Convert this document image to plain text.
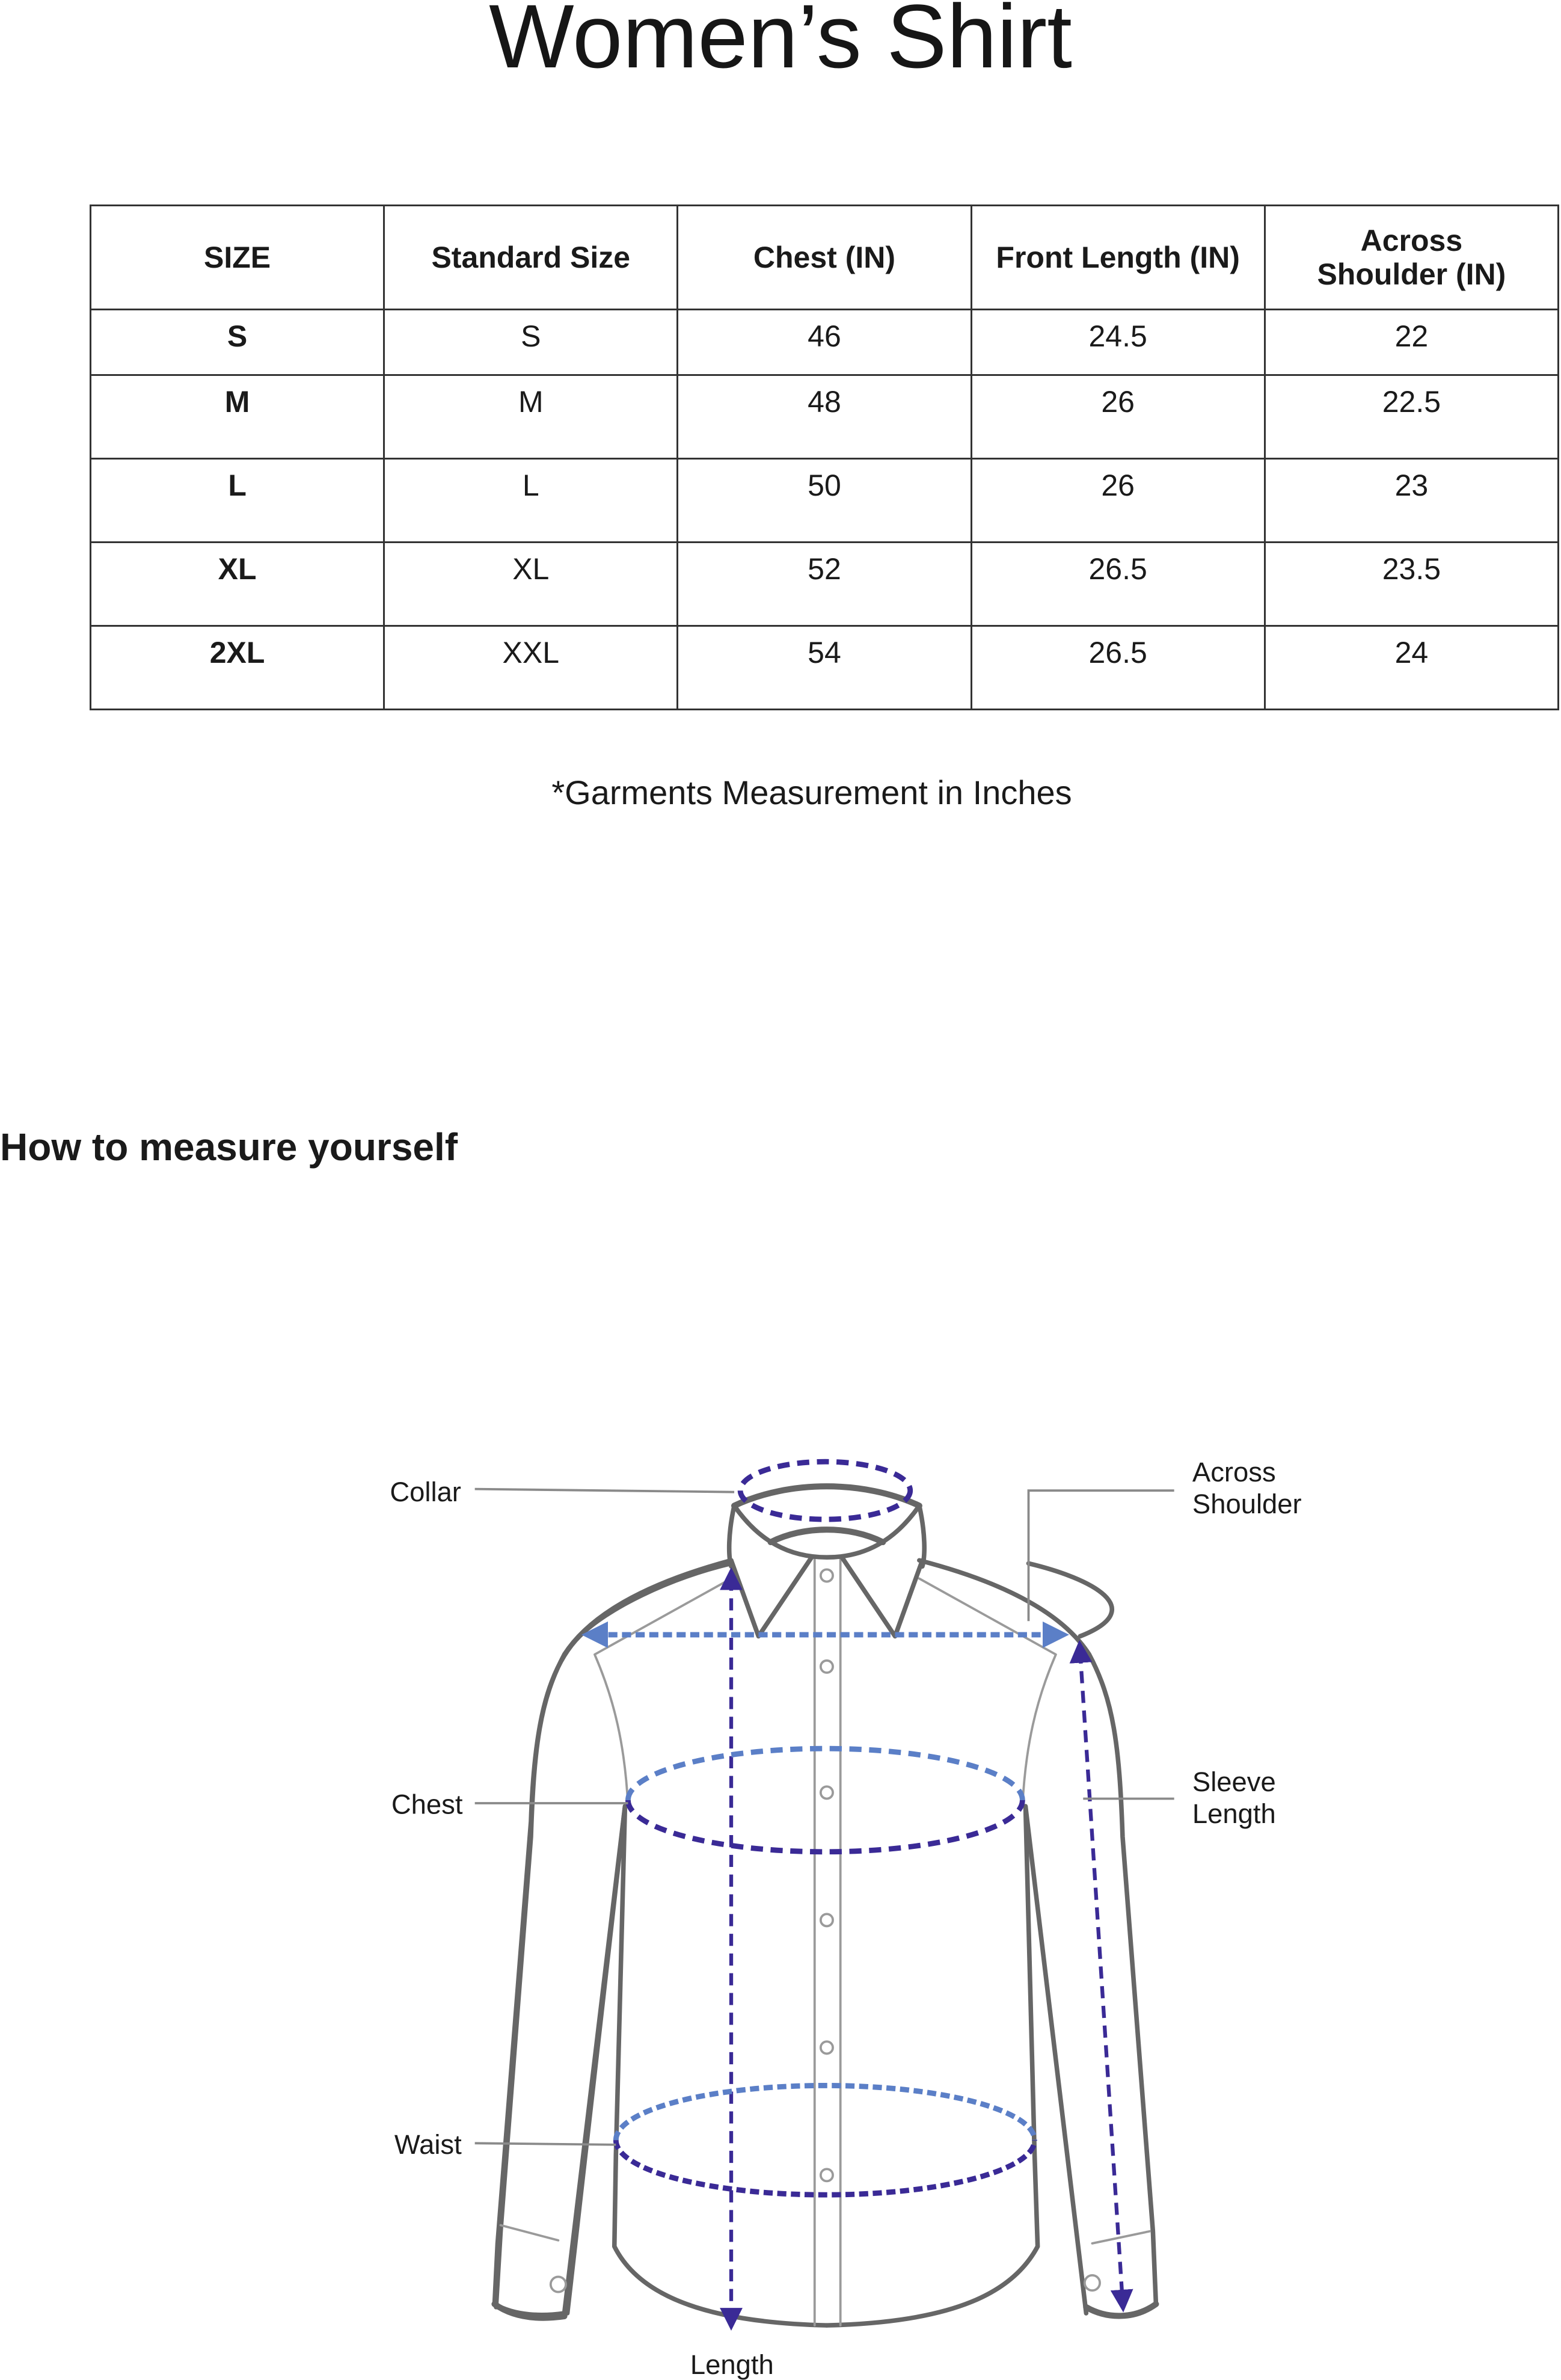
Women’s Shirt
SIZE	Standard Size	Chest (IN)	Front Length (IN)	Across
Shoulder (IN)
S	S	46	24.5	22
M	M	48	26	22.5
L	L	50	26	23
XL	XL	52	26.5	23.5
2XL	XXL	54	26.5	24
*Garments Measurement in Inches
How to measure yourself
Collar
Across
Shoulder
Chest
Sleeve
Length
Waist
Length
